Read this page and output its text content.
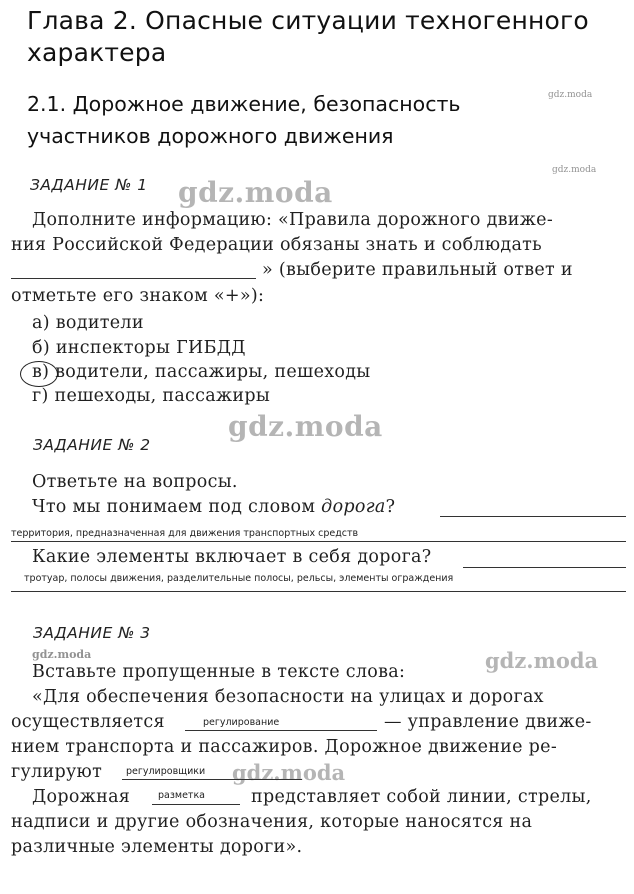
Глава 2. Опасные ситуации техногенного
характера
2.1. Дорожное движение, безопасность
участников дорожного движения
gdz.moda
gdz.moda
gdz.moda
gdz.moda
gdz.moda	gdz.moda
gdz.moda
ЗАДАНИЕ № 1
Дополните информацию: «Правила дорожного движе-
ния Российской Федерации обязаны знать и соблюдать
» (выберите правильный ответ и
отметьте его знаком «+»):
а) водители
б) инспекторы ГИБДД
в) водители, пассажиры, пешеходы
г) пешеходы, пассажиры
ЗАДАНИЕ № 2
Ответьте на вопросы.
Что мы понимаем под словом дорога?
территория, предназначенная для движения транспортных средств
Какие элементы включает в себя дорога?
тротуар, полосы движения, разделительные полосы, рельсы, элементы ограждения
ЗАДАНИЕ № 3
Вставьте пропущенные в тексте слова:
«Для обеспечения безопасности на улицах и дорогах
осуществляется	регулирование	— управление движе-
нием транспорта и пассажиров. Дорожное движение ре-
гулируют	регулировщики
Дорожная	разметка	представляет собой линии, стрелы,
надписи и другие обозначения, которые наносятся на
различные элементы дороги».
